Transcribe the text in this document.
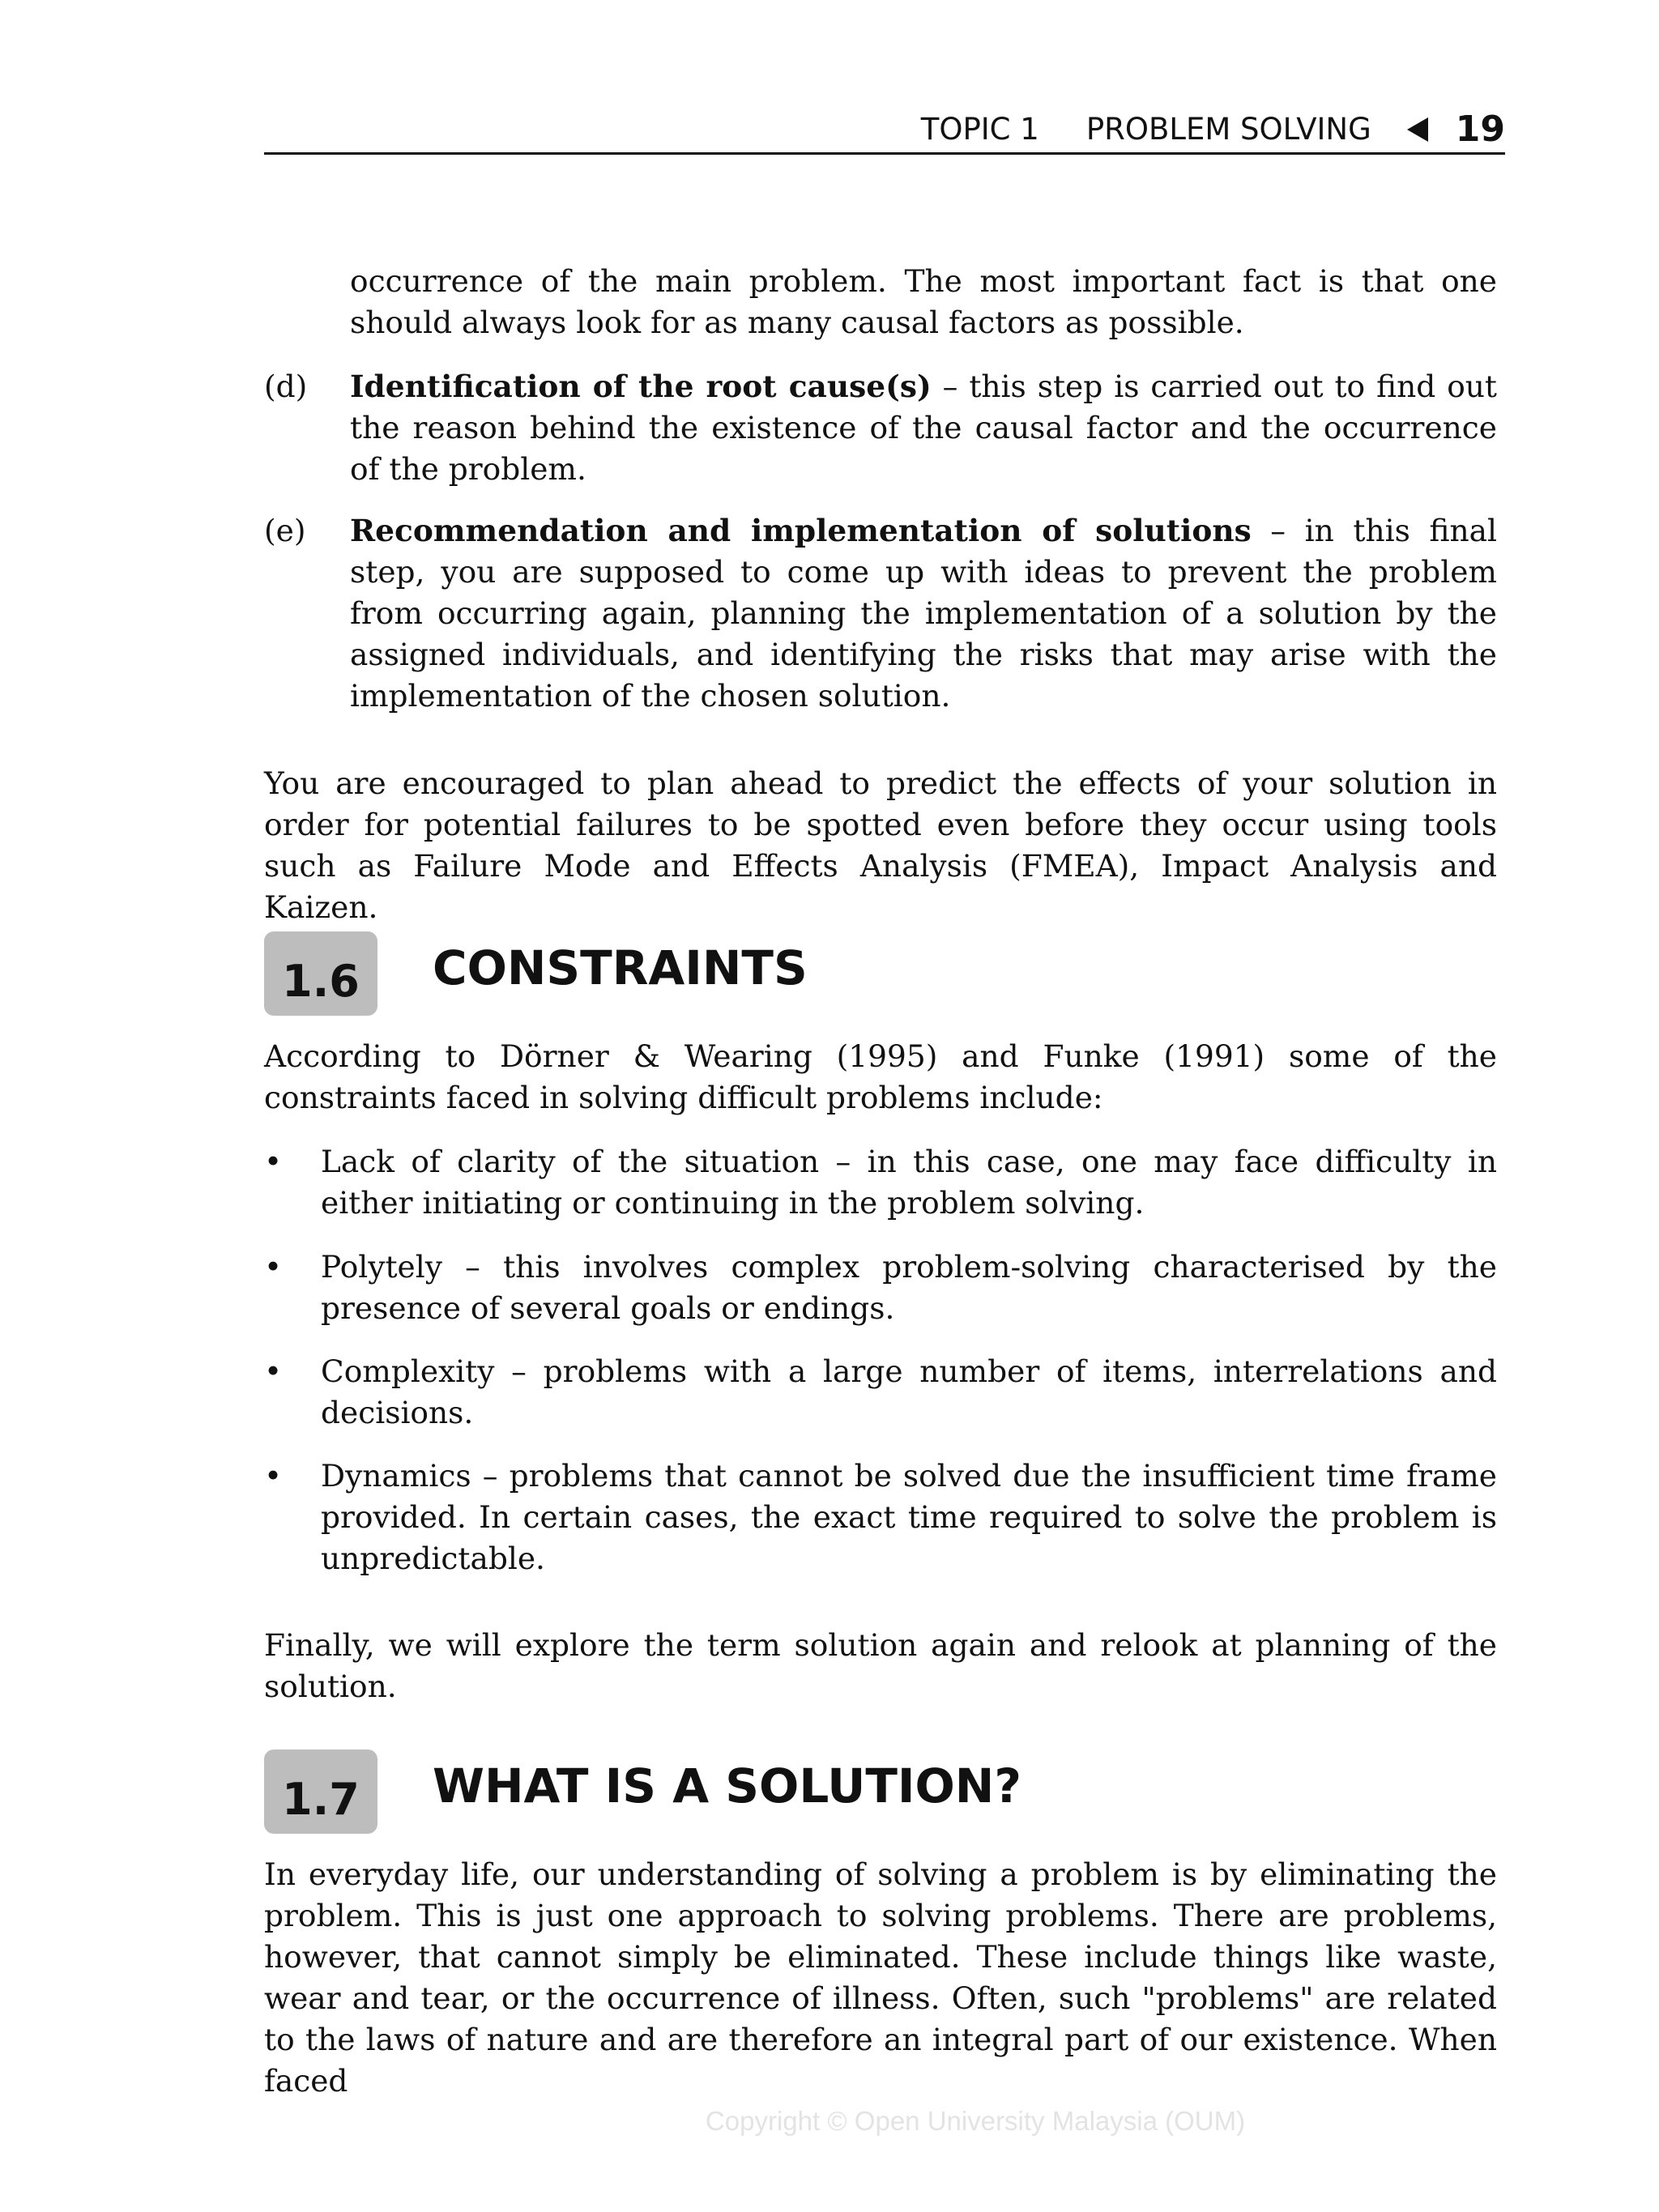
TOPIC 1 PROBLEM SOLVING 19
occurrence of the main problem. The most important fact is that one should always look for as many causal factors as possible.
(d)	Identification of the root cause(s) – this step is carried out to find out the reason behind the existence of the causal factor and the occurrence of the problem.
(e)	Recommendation and implementation of solutions – in this final step, you are supposed to come up with ideas to prevent the problem from occurring again, planning the implementation of a solution by the assigned individuals, and identifying the risks that may arise with the implementation of the chosen solution.
You are encouraged to plan ahead to predict the effects of your solution in order for potential failures to be spotted even before they occur using tools such as Failure Mode and Effects Analysis (FMEA), Impact Analysis and Kaizen.
1.6	CONSTRAINTS
According to Dörner & Wearing (1995) and Funke (1991) some of the constraints faced in solving difficult problems include:
•	Lack of clarity of the situation – in this case, one may face difficulty in either initiating or continuing in the problem solving.
•	Polytely – this involves complex problem-solving characterised by the presence of several goals or endings.
•	Complexity – problems with a large number of items, interrelations and decisions.
•	Dynamics – problems that cannot be solved due the insufficient time frame provided. In certain cases, the exact time required to solve the problem is unpredictable.
Finally, we will explore the term solution again and relook at planning of the solution.
1.7	WHAT IS A SOLUTION?
In everyday life, our understanding of solving a problem is by eliminating the problem. This is just one approach to solving problems. There are problems, however, that cannot simply be eliminated. These include things like waste, wear and tear, or the occurrence of illness. Often, such "problems" are related to the laws of nature and are therefore an integral part of our existence. When faced
Copyright © Open University Malaysia (OUM)
